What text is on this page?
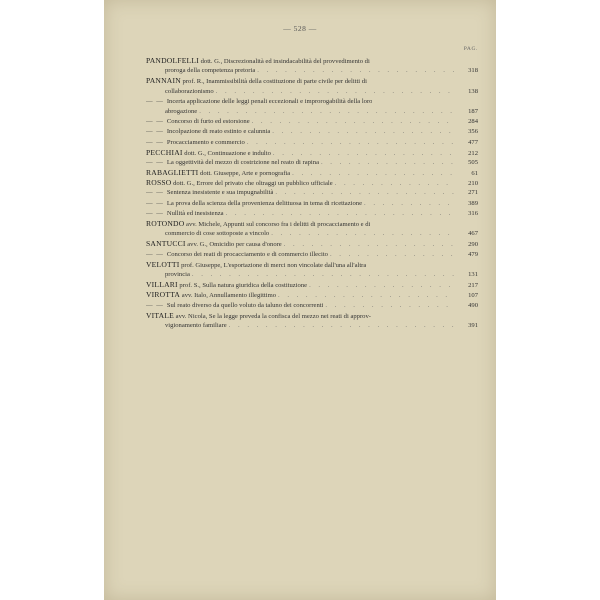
— 528 —
PAG.
PANDOLFELLI dott. G., Discrezionalità ed insindacabilità del provvedimento di
proroga della competenza pretoria . . .	318
PANNAIN prof. R., Inammissibilità della costituzione di parte civile per delitti di
collaborazionismo . . .	138
— — Incerta applicazione delle leggi penali eccezionali e improrogabilità della loro
abrogazione . . .	187
— — Concorso di furto ed estorsione . . .	284
— — Incolpazione di reato estinto e calunnia . . .	356
— — Procacciamento e commercio . . .	477
PECCHIAI dott. G., Continuazione e indulto . . .	212
— — La oggettività del mezzo di costrizione nel reato di rapina . . .	505
RABAGLIETTI dott. Giuseppe, Arte e pornografia . . .	61
ROSSO dott. G., Errore del privato che oltraggi un pubblico ufficiale . . .	210
— — Sentenza inesistente e sua impugnabilità . . .	271
— — La prova della scienza della provenienza delittuosa in tema di ricettazione . . .	389
— — Nullità ed inesistenza . . .	316
ROTONDO avv. Michele, Appunti sul concorso fra i delitti di procacciamento e di
commercio di cose sottoposte a vincolo . . .	467
SANTUCCI avv. G., Omicidio per causa d'onore . . .	290
— — Concorso dei reati di procacciamento e di commercio illecito . . .	479
VELOTTI prof. Giuseppe, L'esportazione di merci non vincolate dall'una all'altra
provincia . . .	131
VILLARI prof. S., Sulla natura giuridica della costituzione . . .	217
VIROTTA avv. Italo, Annullamento illegittimo . . .	107
— — Sul reato diverso da quello voluto da taluno dei concorrenti . . .	490
VITALE avv. Nicola, Se la legge preveda la confisca del mezzo nei reati di approv-
vigionamento familiare . . .	391
